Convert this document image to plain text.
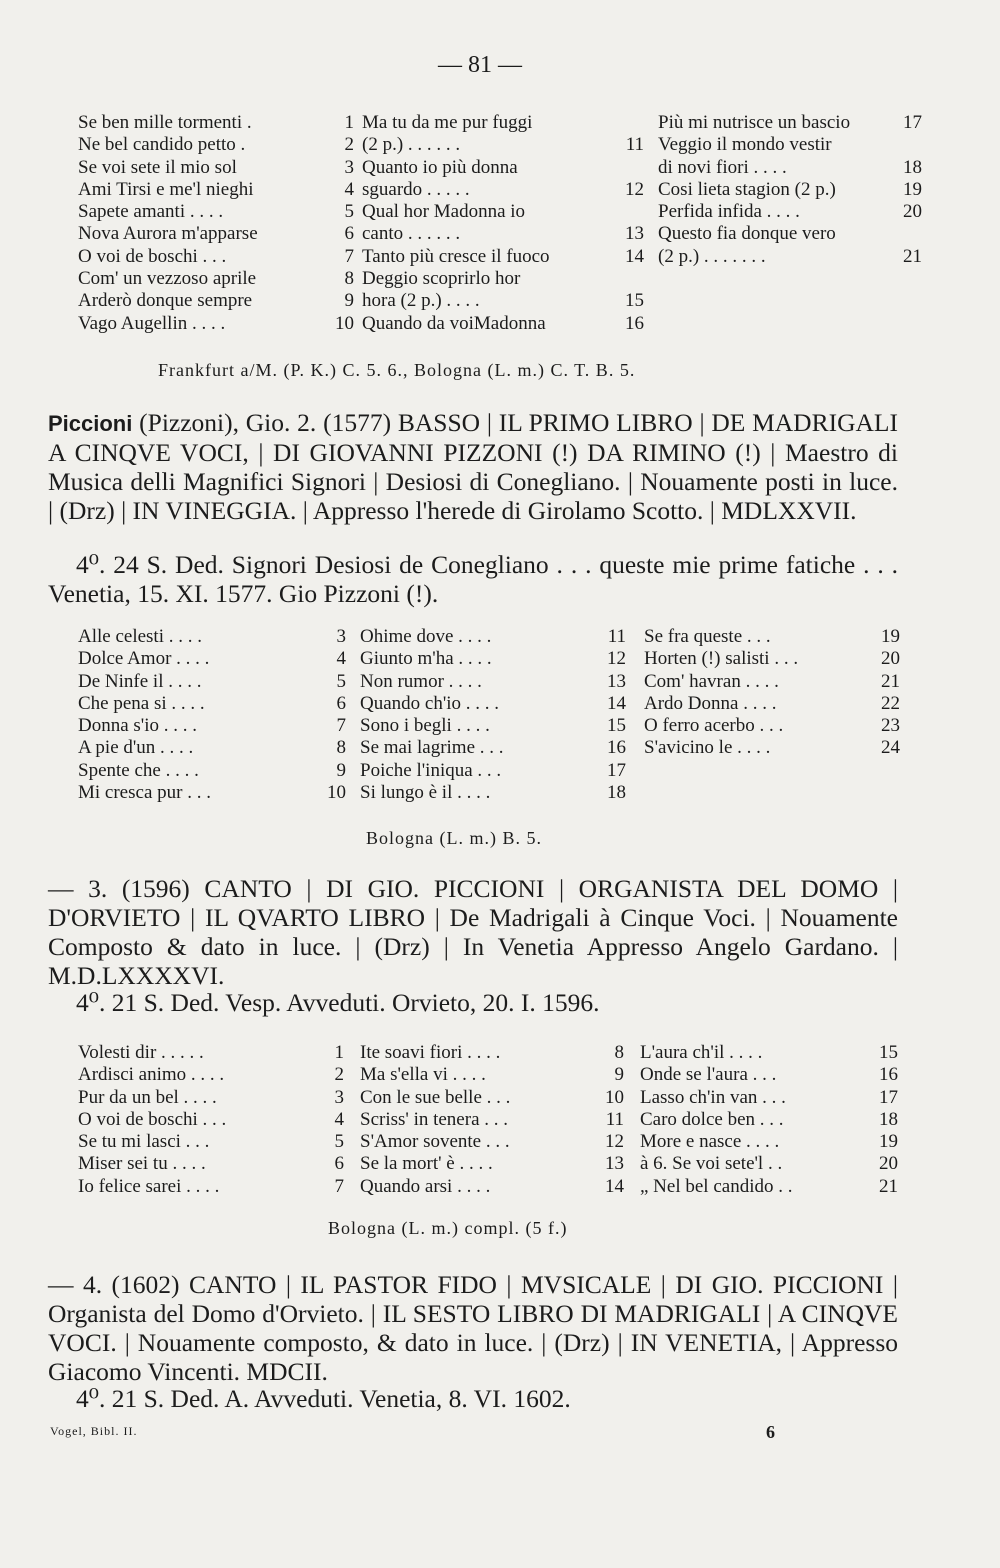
— 81 —
Se ben mille tormenti .	1
Ne bel candido petto .	2
Se voi sete il mio sol	3
Ami Tirsi e me'l nieghi	4
Sapete amanti . . . .	5
Nova Aurora m'apparse	6
O voi de boschi . . .	7
Com' un vezzoso aprile	8
Arderò donque sempre	9
Vago Augellin . . . .	10
Ma tu da me pur fuggi
(2 p.) . . . . . .	11
Quanto io più donna
sguardo . . . . .	12
Qual hor Madonna io
canto . . . . . .	13
Tanto più cresce il fuoco	14
Deggio scoprirlo hor
hora (2 p.) . . . .	15
Quando da voiMadonna	16
Più mi nutrisce un bascio	17
Veggio il mondo vestir
di novi fiori . . . .	18
Cosi lieta stagion (2 p.)	19
Perfida infida . . . .	20
Questo fia donque vero
(2 p.) . . . . . . .	21
Frankfurt a/M. (P. K.) C. 5. 6., Bologna (L. m.) C. T. B. 5.

Piccioni (Pizzoni), Gio. 2. (1577) BASSO | IL PRIMO LIBRO | DE MADRIGALI A CINQVE VOCI, | DI GIOVANNI PIZZONI (!) DA RIMINO (!) | Maestro di Musica delli Magnifici Signori | Desiosi di Conegliano. | Nouamente posti in luce. | (Drz) | IN VINEGGIA. | Appresso l'herede di Girolamo Scotto. | MDLXXVII.

4⁰. 24 S. Ded. Signori Desiosi de Conegliano . . . queste mie prime fatiche . . . Venetia, 15. XI. 1577. Gio Pizzoni (!).

Alle celesti . . . .	3
Dolce Amor . . . .	4
De Ninfe il . . . .	5
Che pena si . . . .	6
Donna s'io . . . .	7
A pie d'un . . . .	8
Spente che . . . .	9
Mi cresca pur . . .	10
Ohime dove . . . .	11
Giunto m'ha . . . .	12
Non rumor . . . .	13
Quando ch'io . . . .	14
Sono i begli . . . .	15
Se mai lagrime . . .	16
Poiche l'iniqua . . .	17
Si lungo è il . . . .	18
Se fra queste . . .	19
Horten (!) salisti . . .	20
Com' havran . . . .	21
Ardo Donna . . . .	22
O ferro acerbo . . .	23
S'avicino le . . . .	24
Bologna (L. m.) B. 5.

— 3. (1596) CANTO | DI GIO. PICCIONI | ORGANISTA DEL DOMO | D'ORVIETO | IL QVARTO LIBRO | De Madrigali à Cinque Voci. | Nouamente Composto & dato in luce. | (Drz) | In Venetia Appresso Angelo Gardano. | M.D.LXXXXVI.

4⁰. 21 S. Ded. Vesp. Avveduti. Orvieto, 20. I. 1596.

Volesti dir . . . . .	1
Ardisci animo . . . .	2
Pur da un bel . . . .	3
O voi de boschi . . .	4
Se tu mi lasci . . .	5
Miser sei tu . . . .	6
Io felice sarei . . . .	7
Ite soavi fiori . . . .	8
Ma s'ella vi . . . .	9
Con le sue belle . . .	10
Scriss' in tenera . . .	11
S'Amor sovente . . .	12
Se la mort' è . . . .	13
Quando arsi . . . .	14
L'aura ch'il . . . .	15
Onde se l'aura . . .	16
Lasso ch'in van . . .	17
Caro dolce ben . . .	18
More e nasce . . . .	19
à 6. Se voi sete'l . .	20
„ Nel bel candido . .	21
Bologna (L. m.) compl. (5 f.)

— 4. (1602) CANTO | IL PASTOR FIDO | MVSICALE | DI GIO. PICCIONI | Organista del Domo d'Orvieto. | IL SESTO LIBRO DI MADRIGALI | A CINQVE VOCI. | Nouamente composto, & dato in luce. | (Drz) | IN VENETIA, | Appresso Giacomo Vincenti. MDCII.

4⁰. 21 S. Ded. A. Avveduti. Venetia, 8. VI. 1602.

Vogel, Bibl. II.	6
